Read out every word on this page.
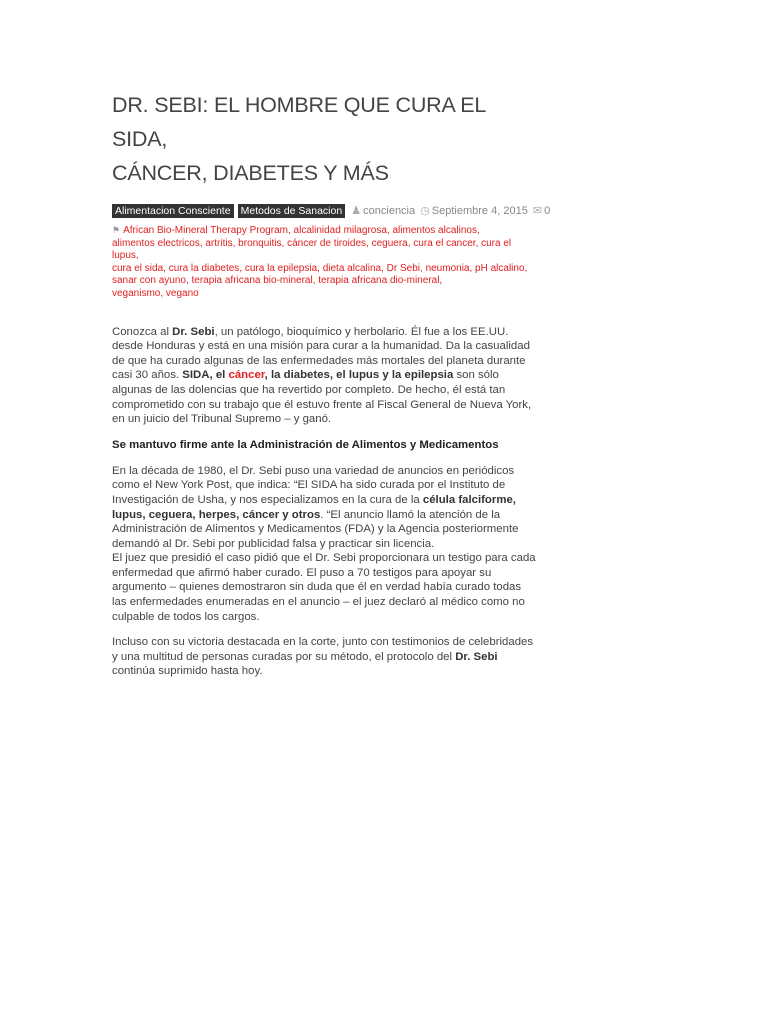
DR. SEBI: EL HOMBRE QUE CURA EL SIDA,
CÁNCER, DIABETES Y MÁS
Alimentacion Consciente Metodos de Sanacion ♟ conciencia ◷ Septiembre 4, 2015 ✉ 0
⚑ African Bio-Mineral Therapy Program, alcalinidad milagrosa, alimentos alcalinos,
alimentos electricos, artritis, bronquitis, cáncer de tiroides, ceguera, cura el cancer, cura el lupus,
cura el sida, cura la diabetes, cura la epilepsia, dieta alcalina, Dr Sebi, neumonia, pH alcalino,
sanar con ayuno, terapia africana bio-mineral, terapia africana dio-mineral,
veganismo, vegano

Conozca al Dr. Sebi, un patólogo, bioquímico y herbolario. Él fue a los EE.UU. desde Honduras y está en una misión para curar a la humanidad. Da la casualidad de que ha curado algunas de las enfermedades más mortales del planeta durante casi 30 años. SIDA, el cáncer, la diabetes, el lupus y la epilepsia son sólo algunas de las dolencias que ha revertido por completo. De hecho, él está tan comprometido con su trabajo que él estuvo frente al Fiscal General de Nueva York, en un juicio del Tribunal Supremo – y ganó.

Se mantuvo firme ante la Administración de Alimentos y Medicamentos

En la década de 1980, el Dr. Sebi puso una variedad de anuncios en periódicos como el New York Post, que indica: “El SIDA ha sido curada por el Instituto de Investigación de Usha, y nos especializamos en la cura de la célula falciforme, lupus, ceguera, herpes, cáncer y otros. “El anuncio llamó la atención de la Administración de Alimentos y Medicamentos (FDA) y la Agencia posteriormente demandó al Dr. Sebi por publicidad falsa y practicar sin licencia.
El juez que presidió el caso pidió que el Dr. Sebi proporcionara un testigo para cada enfermedad que afirmó haber curado. El puso a 70 testigos para apoyar su argumento – quienes demostraron sin duda que él en verdad había curado todas las enfermedades enumeradas en el anuncio – el juez declaró al médico como no culpable de todos los cargos.

Incluso con su victoria destacada en la corte, junto con testimonios de celebridades y una multitud de personas curadas por su método, el protocolo del Dr. Sebi continúa suprimido hasta hoy.
